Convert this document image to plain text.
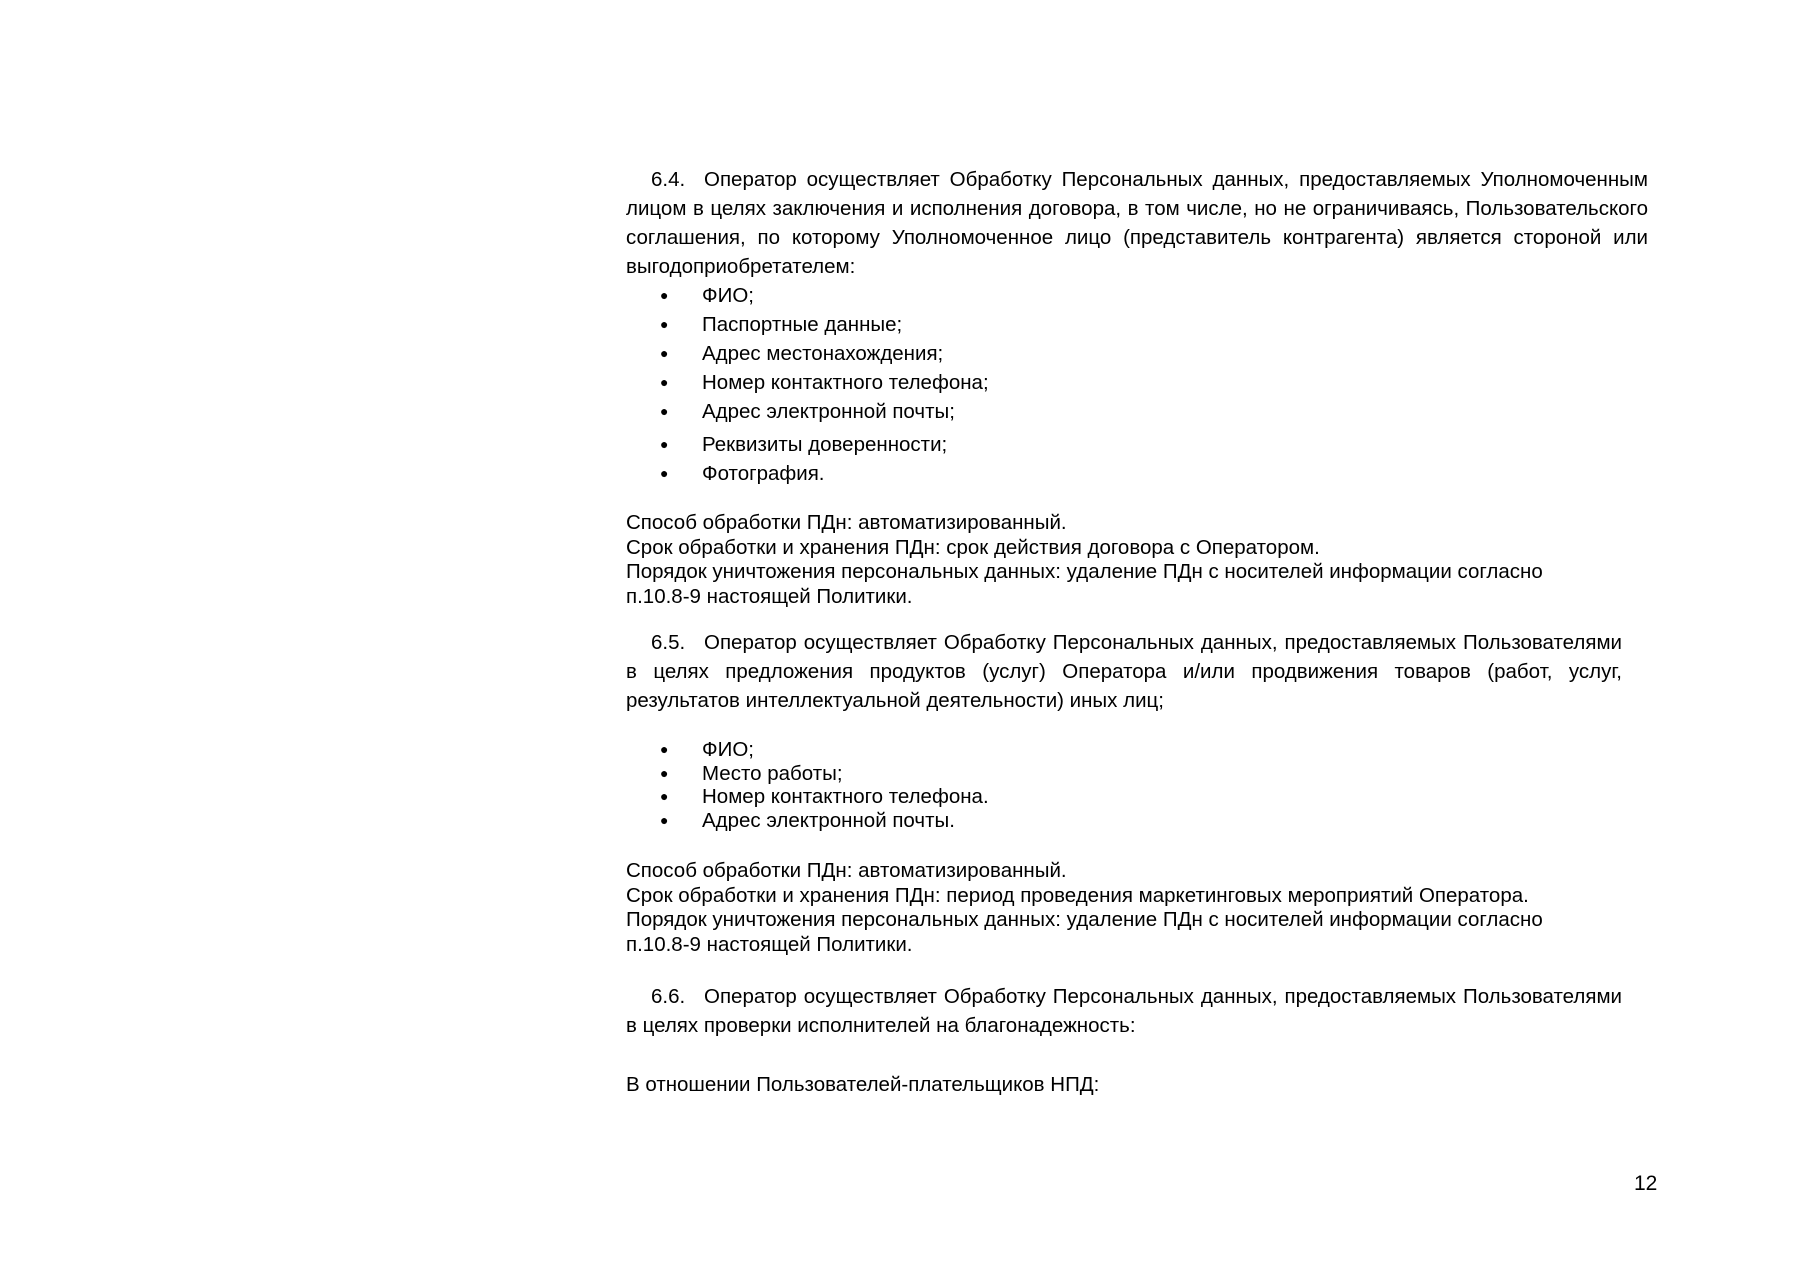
6.4. Оператор осуществляет Обработку Персональных данных, предоставляемых Уполномоченным лицом в целях заключения и исполнения договора, в том числе, но не ограничиваясь, Пользовательского соглашения, по которому Уполномоченное лицо (представитель контрагента) является стороной или выгодоприобретателем:

● ФИО;
● Паспортные данные;
● Адрес местонахождения;
● Номер контактного телефона;
● Адрес электронной почты;
● Реквизиты доверенности;
● Фотография.
Способ обработки ПДн: автоматизированный.
Срок обработки и хранения ПДн: срок действия договора с Оператором.
Порядок уничтожения персональных данных: удаление ПДн с носителей информации согласно
п.10.8-9 настоящей Политики.

6.5. Оператор осуществляет Обработку Персональных данных, предоставляемых Пользователями в целях предложения продуктов (услуг) Оператора и/или продвижения товаров (работ, услуг, результатов интеллектуальной деятельности) иных лиц;

● ФИО;
● Место работы;
● Номер контактного телефона.
● Адрес электронной почты.
Способ обработки ПДн: автоматизированный.
Срок обработки и хранения ПДн: период проведения маркетинговых мероприятий Оператора.
Порядок уничтожения персональных данных: удаление ПДн с носителей информации согласно
п.10.8-9 настоящей Политики.

6.6. Оператор осуществляет Обработку Персональных данных, предоставляемых Пользователями в целях проверки исполнителей на благонадежность:

В отношении Пользователей-плательщиков НПД:
12
